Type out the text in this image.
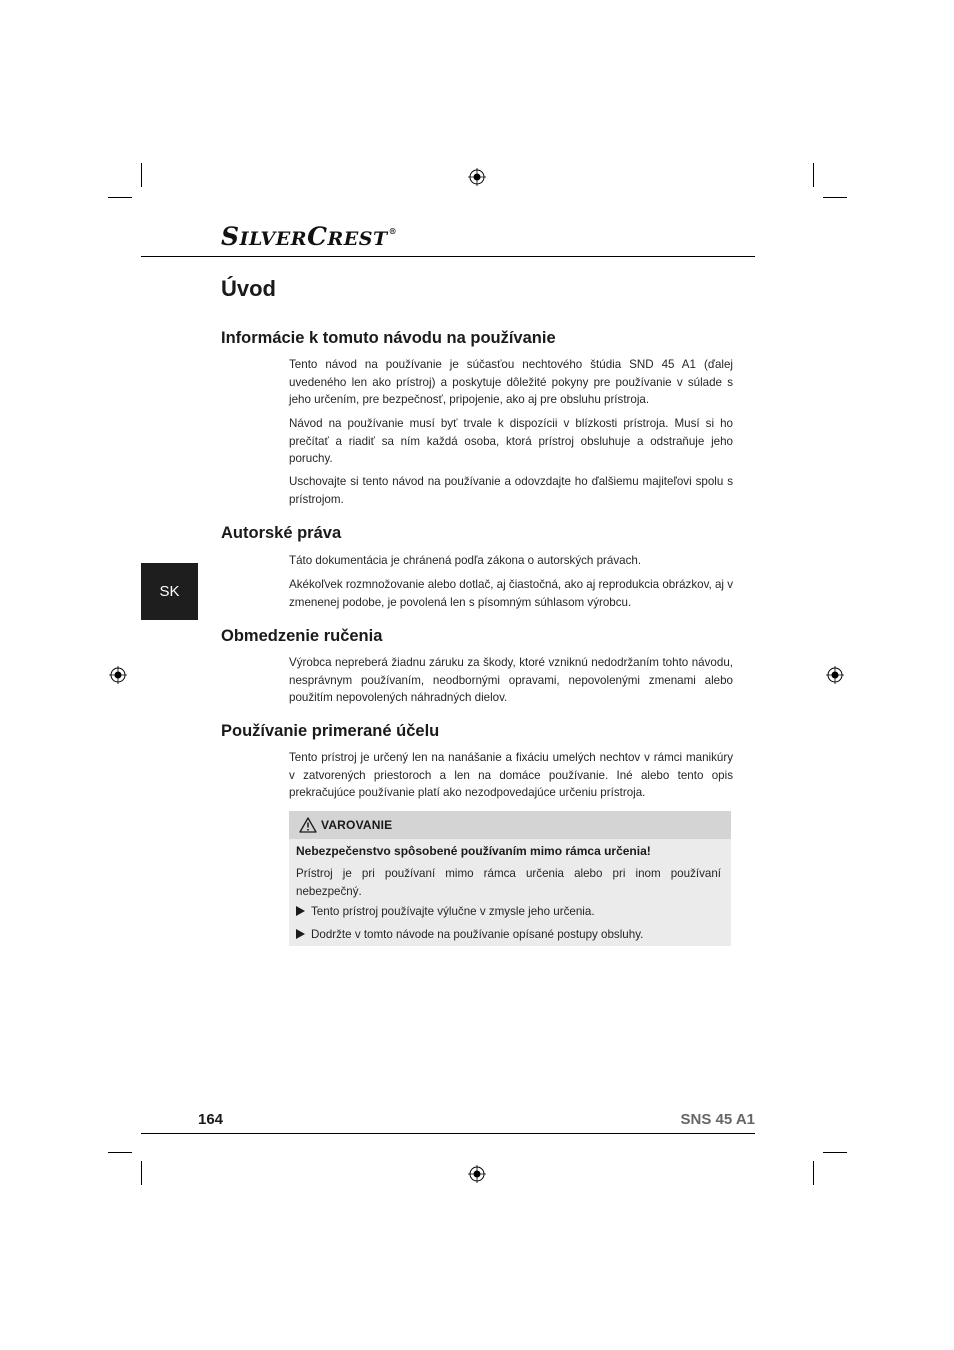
SILVERCREST®
Úvod
Informácie k tomuto návodu na používanie
Tento návod na používanie je súčasťou nechtového štúdia SND 45 A1 (ďalej uvedeného len ako prístroj) a poskytuje dôležité pokyny pre používanie v súlade s jeho určením, pre bezpečnosť, pripojenie, ako aj pre obsluhu prístroja.
Návod na používanie musí byť trvale k dispozícii v blízkosti prístroja. Musí si ho prečítať a riadiť sa ním každá osoba, ktorá prístroj obsluhuje a odstraňuje jeho poruchy.
Uschovajte si tento návod na používanie a odovzdajte ho ďalšiemu majiteľovi spolu s prístrojom.
Autorské práva
Táto dokumentácia je chránená podľa zákona o autorských právach.
Akékoľvek rozmnožovanie alebo dotlač, aj čiastočná, ako aj reprodukcia obrázkov, aj v zmenenej podobe, je povolená len s písomným súhlasom výrobcu.
SK
Obmedzenie ručenia
Výrobca nepreberá žiadnu záruku za škody, ktoré vzniknú nedodržaním tohto návodu, nesprávnym používaním, neodbornými opravami, nepovolenými zmenami alebo použitím nepovolených náhradných dielov.
Používanie primerané účelu
Tento prístroj je určený len na nanášanie a fixáciu umelých nechtov v rámci manikúry v zatvorených priestoroch a len na domáce používanie. Iné alebo tento opis prekračujúce používanie platí ako nezodpovedajúce určeniu prístroja.
VAROVANIE
Nebezpečenstvo spôsobené používaním mimo rámca určenia!
Prístroj je pri používaní mimo rámca určenia alebo pri inom používaní nebezpečný.
Tento prístroj používajte výlučne v zmysle jeho určenia.
Dodržte v tomto návode na používanie opísané postupy obsluhy.
164	SNS 45 A1
